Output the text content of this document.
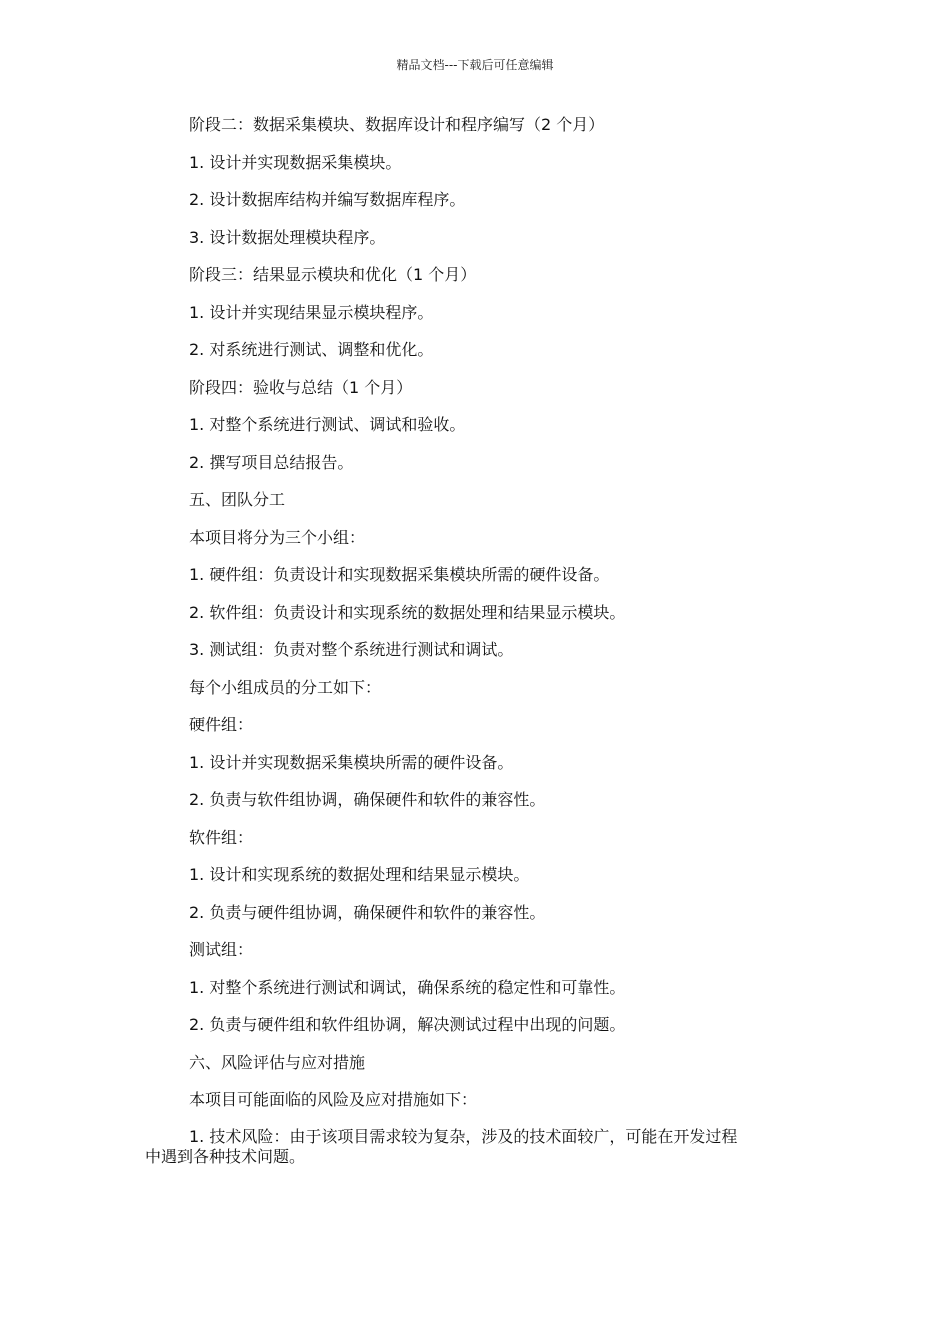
精品文档---下载后可任意编辑

阶段二：数据采集模块、数据库设计和程序编写（2 个月）

1. 设计并实现数据采集模块。

2. 设计数据库结构并编写数据库程序。

3. 设计数据处理模块程序。

阶段三：结果显示模块和优化（1 个月）

1. 设计并实现结果显示模块程序。

2. 对系统进行测试、调整和优化。

阶段四：验收与总结（1 个月）

1. 对整个系统进行测试、调试和验收。

2. 撰写项目总结报告。

五、团队分工

本项目将分为三个小组：

1. 硬件组：负责设计和实现数据采集模块所需的硬件设备。

2. 软件组：负责设计和实现系统的数据处理和结果显示模块。

3. 测试组：负责对整个系统进行测试和调试。

每个小组成员的分工如下：

硬件组：

1. 设计并实现数据采集模块所需的硬件设备。

2. 负责与软件组协调，确保硬件和软件的兼容性。

软件组：

1. 设计和实现系统的数据处理和结果显示模块。

2. 负责与硬件组协调，确保硬件和软件的兼容性。

测试组：

1. 对整个系统进行测试和调试，确保系统的稳定性和可靠性。

2. 负责与硬件组和软件组协调，解决测试过程中出现的问题。

六、风险评估与应对措施

本项目可能面临的风险及应对措施如下：

1. 技术风险：由于该项目需求较为复杂，涉及的技术面较广，可能在开发过程
中遇到各种技术问题。
